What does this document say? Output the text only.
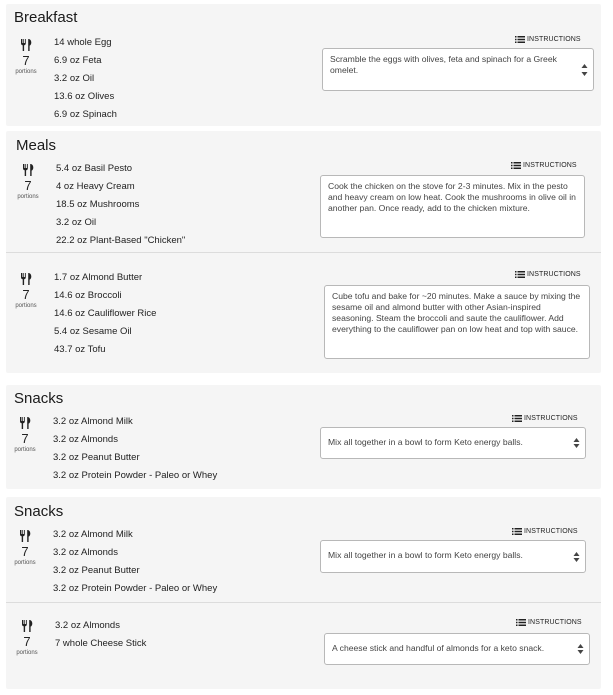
Breakfast
7
portions
14 whole Egg
6.9 oz Feta
3.2 oz Oil
13.6 oz Olives
6.9 oz Spinach
INSTRUCTIONS
Scramble the eggs with olives, feta and spinach for a Greek omelet.
Meals
7
portions
5.4 oz Basil Pesto
4 oz Heavy Cream
18.5 oz Mushrooms
3.2 oz Oil
22.2 oz Plant-Based "Chicken"
INSTRUCTIONS
Cook the chicken on the stove for 2-3 minutes. Mix in the pesto and heavy cream on low heat. Cook the mushrooms in olive oil in another pan. Once ready, add to the chicken mixture.
7
portions
1.7 oz Almond Butter
14.6 oz Broccoli
14.6 oz Cauliflower Rice
5.4 oz Sesame Oil
43.7 oz Tofu
INSTRUCTIONS
Cube tofu and bake for ~20 minutes. Make a sauce by mixing the sesame oil and almond butter with other Asian-inspired seasoning. Steam the broccoli and saute the cauliflower. Add everything to the cauliflower pan on low heat and top with sauce.
Snacks
7
portions
3.2 oz Almond Milk
3.2 oz Almonds
3.2 oz Peanut Butter
3.2 oz Protein Powder - Paleo or Whey
INSTRUCTIONS
Mix all together in a bowl to form Keto energy balls.
Snacks
7
portions
3.2 oz Almond Milk
3.2 oz Almonds
3.2 oz Peanut Butter
3.2 oz Protein Powder - Paleo or Whey
INSTRUCTIONS
Mix all together in a bowl to form Keto energy balls.
7
portions
3.2 oz Almonds
7 whole Cheese Stick
INSTRUCTIONS
A cheese stick and handful of almonds for a keto snack.
